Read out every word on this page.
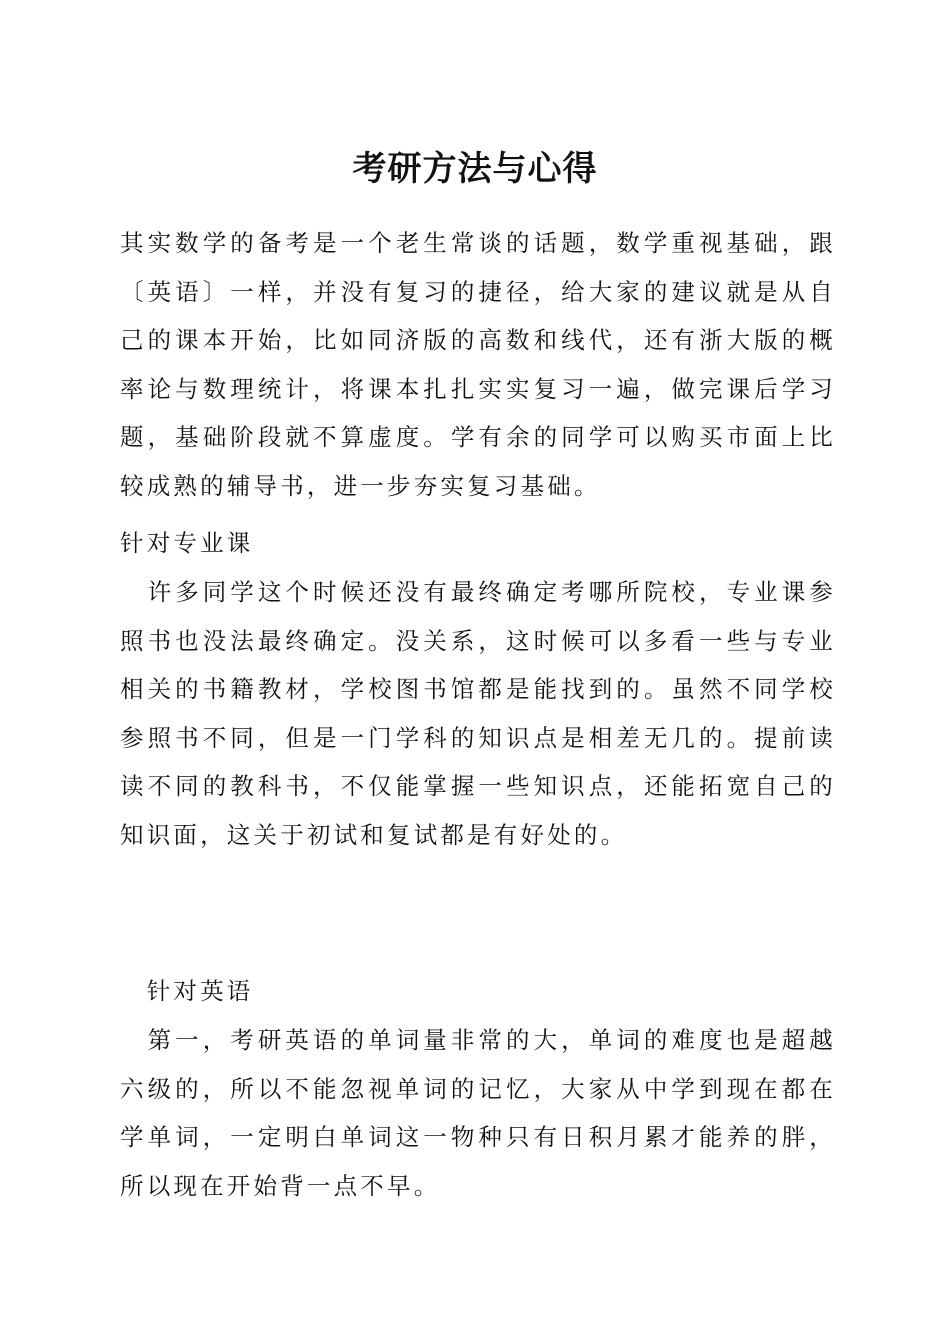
考研方法与心得

其实数学的备考是一个老生常谈的话题，数学重视基础，跟〔英语〕一样，并没有复习的捷径，给大家的建议就是从自己的课本开始，比如同济版的高数和线代，还有浙大版的概率论与数理统计，将课本扎扎实实复习一遍，做完课后学习题，基础阶段就不算虚度。学有余的同学可以购买市面上比较成熟的辅导书，进一步夯实复习基础。

针对专业课

　许多同学这个时候还没有最终确定考哪所院校，专业课参照书也没法最终确定。没关系，这时候可以多看一些与专业相关的书籍教材，学校图书馆都是能找到的。虽然不同学校参照书不同，但是一门学科的知识点是相差无几的。提前读读不同的教科书，不仅能掌握一些知识点，还能拓宽自己的知识面，这关于初试和复试都是有好处的。

　针对英语

　第一，考研英语的单词量非常的大，单词的难度也是超越六级的，所以不能忽视单词的记忆，大家从中学到现在都在学单词，一定明白单词这一物种只有日积月累才能养的胖，所以现在开始背一点不早。
